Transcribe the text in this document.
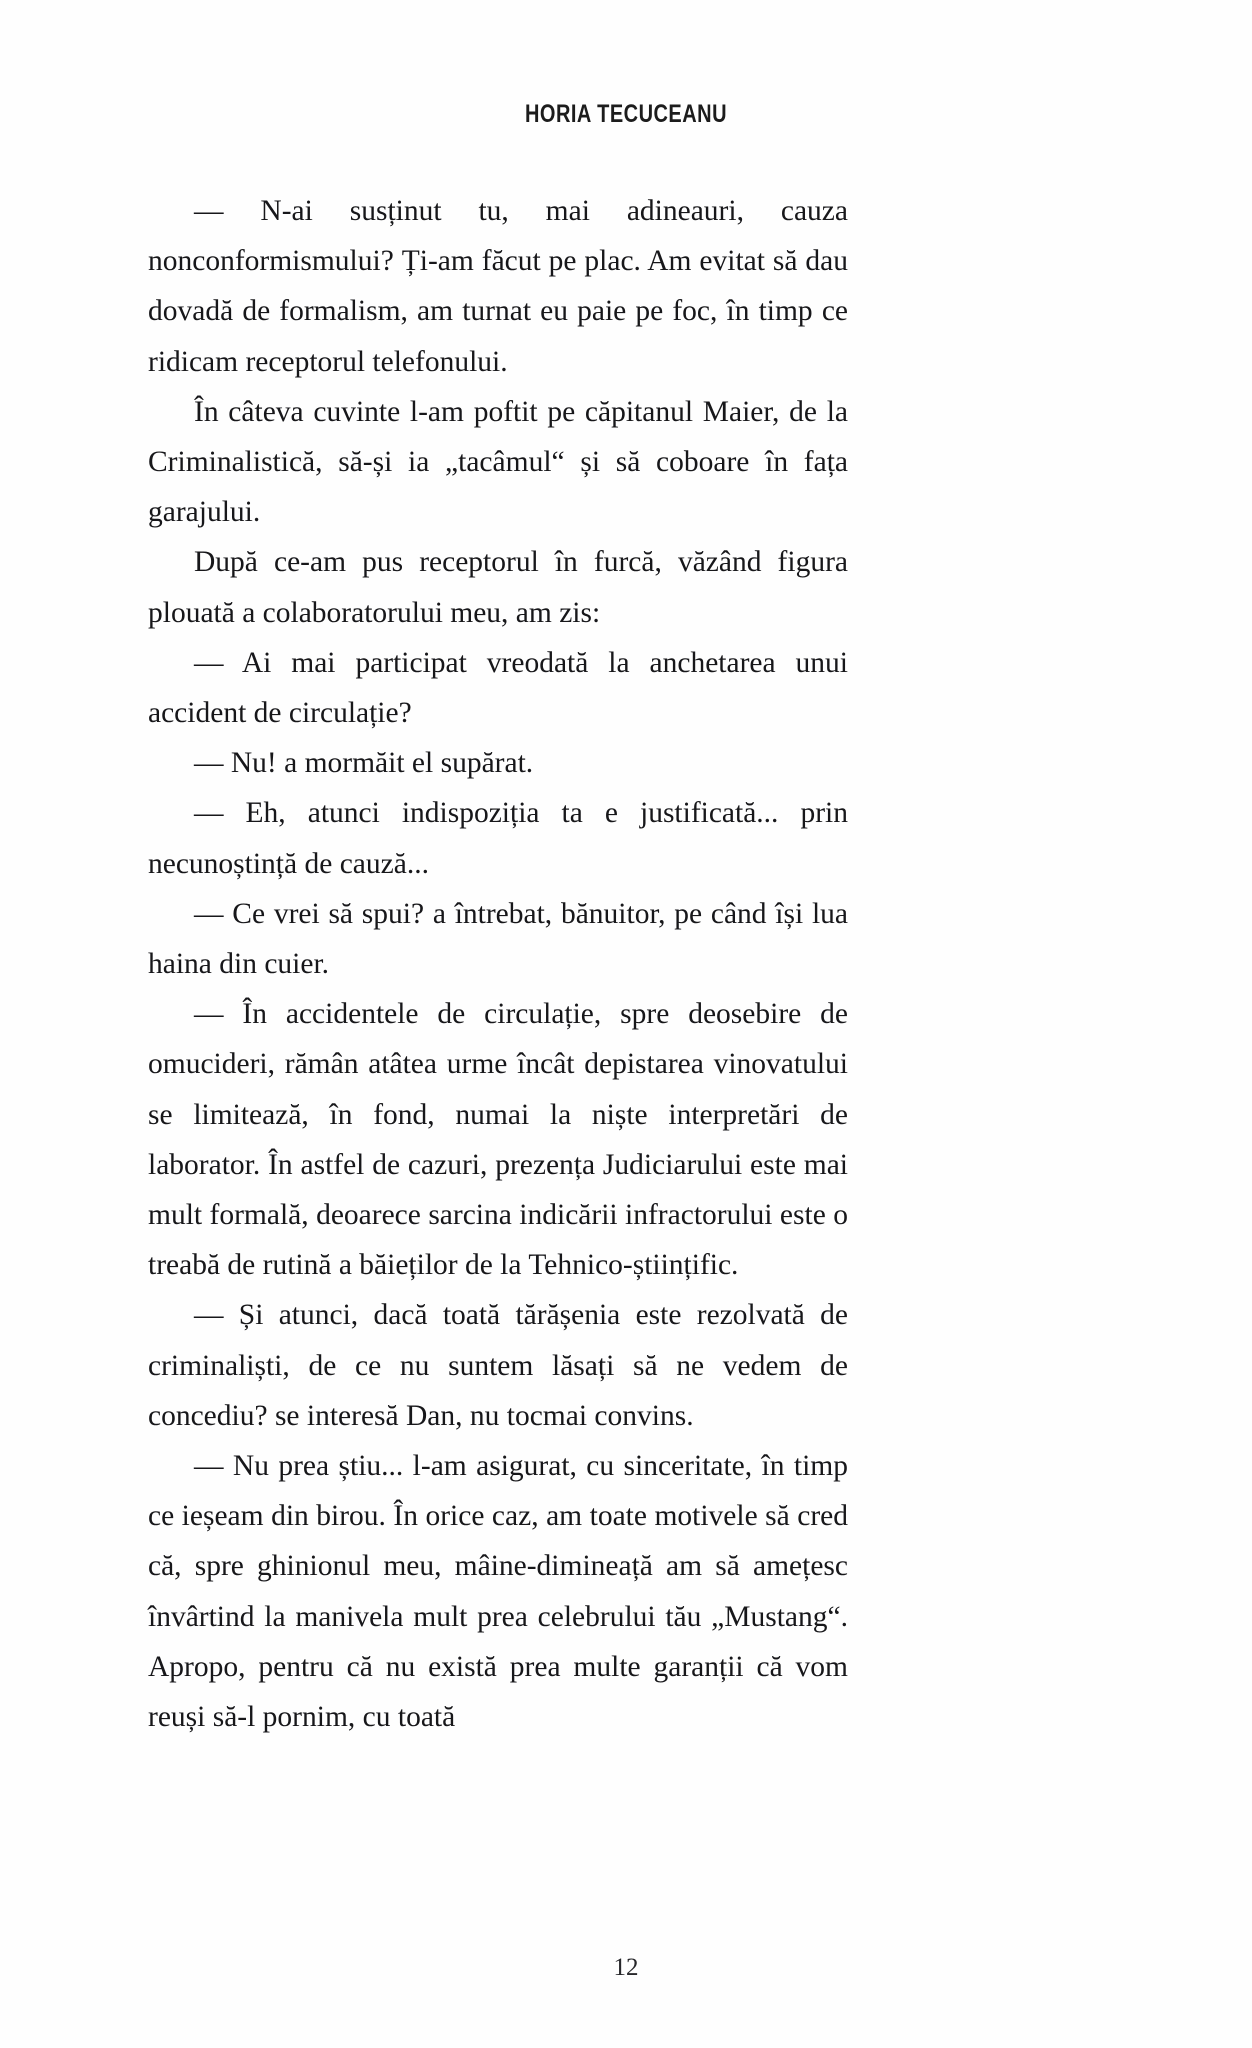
HORIA TECUCEANU

— N-ai susținut tu, mai adineauri, cauza nonconformismului? Ți-am făcut pe plac. Am evitat să dau dovadă de formalism, am turnat eu paie pe foc, în timp ce ridicam receptorul telefonului.

În câteva cuvinte l-am poftit pe căpitanul Maier, de la Criminalistică, să-și ia „tacâmul“ și să coboare în fața garajului.

După ce-am pus receptorul în furcă, văzând figura plouată a colaboratorului meu, am zis:

— Ai mai participat vreodată la anchetarea unui accident de circulație?

— Nu! a mormăit el supărat.

— Eh, atunci indispoziția ta e justificată... prin necunoștință de cauză...

— Ce vrei să spui? a întrebat, bănuitor, pe când își lua haina din cuier.

— În accidentele de circulație, spre deosebire de omucideri, rămân atâtea urme încât depistarea vinovatului se limitează, în fond, numai la niște interpretări de laborator. În astfel de cazuri, prezența Judiciarului este mai mult formală, deoarece sarcina indicării infractorului este o treabă de rutină a băieților de la Tehnico-științific.

— Și atunci, dacă toată tărășenia este rezolvată de criminaliști, de ce nu suntem lăsați să ne vedem de concediu? se interesă Dan, nu tocmai convins.

— Nu prea știu... l-am asigurat, cu sinceritate, în timp ce ieșeam din birou. În orice caz, am toate motivele să cred că, spre ghinionul meu, mâine-dimineață am să amețesc învârtind la manivela mult prea celebrului tău „Mustang“. Apropo, pentru că nu există prea multe garanții că vom reuși să-l pornim, cu toată

12
